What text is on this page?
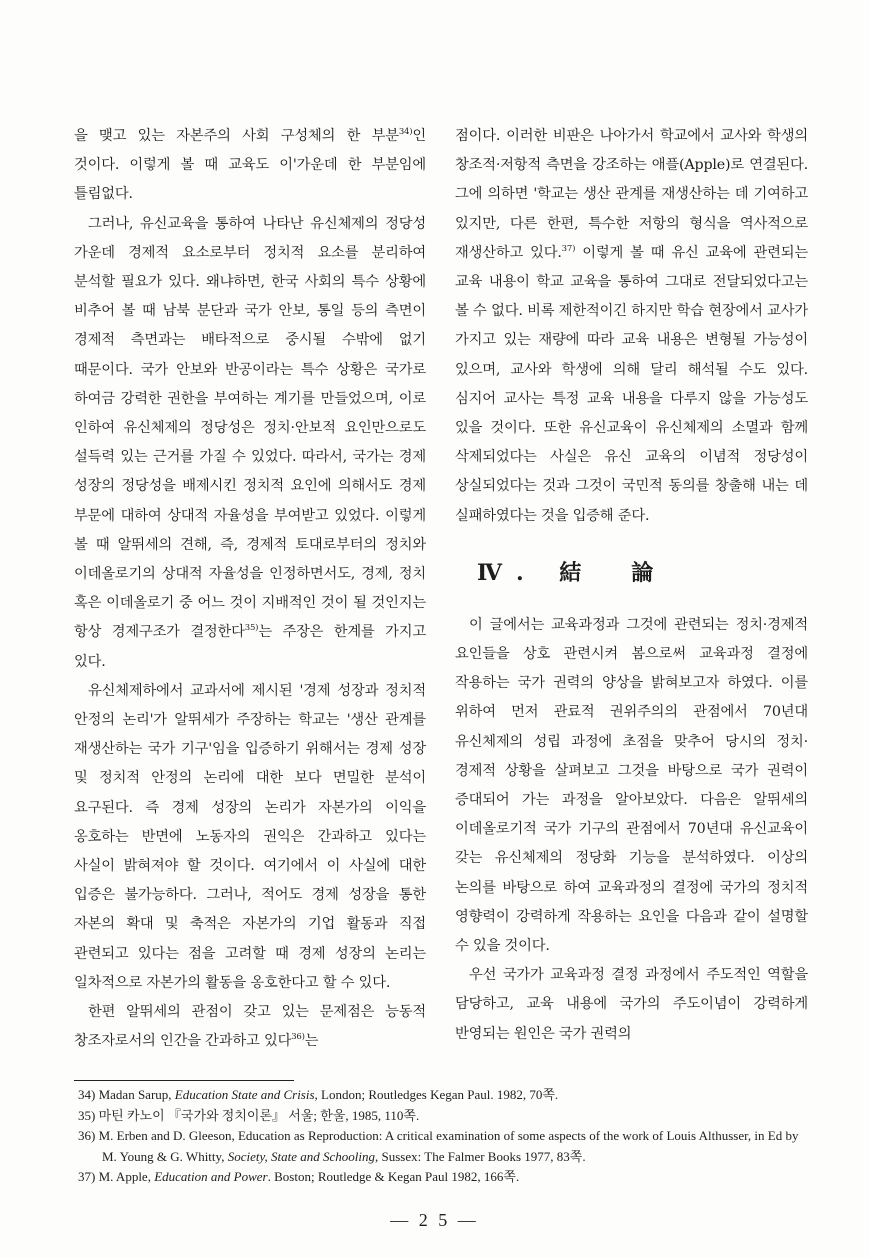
을 맺고 있는 자본주의 사회 구성체의 한 부분$^{34)}$인 것이다. 이렇게 볼 때 교육도 이'가운데 한 부분임에 틀림없다.

그러나, 유신교육을 통하여 나타난 유신체제의 정당성 가운데 경제적 요소로부터 정치적 요소를 분리하여 분석할 필요가 있다. 왜냐하면, 한국 사회의 특수 상황에 비추어 볼 때 남북 분단과 국가 안보, 통일 등의 측면이 경제적 측면과는 배타적으로 중시될 수밖에 없기 때문이다. 국가 안보와 반공이라는 특수 상황은 국가로 하여금 강력한 권한을 부여하는 계기를 만들었으며, 이로 인하여 유신체제의 정당성은 정치·안보적 요인만으로도 설득력 있는 근거를 가질 수 있었다. 따라서, 국가는 경제 성장의 정당성을 배제시킨 정치적 요인에 의해서도 경제 부문에 대하여 상대적 자율성을 부여받고 있었다. 이렇게 볼 때 알뛰세의 견해, 즉, 경제적 토대로부터의 정치와 이데올로기의 상대적 자율성을 인정하면서도, 경제, 정치 혹은 이데올로기 중 어느 것이 지배적인 것이 될 것인지는 항상 경제구조가 결정한다$^{35)}$는 주장은 한계를 가지고 있다.

유신체제하에서 교과서에 제시된 '경제 성장과 정치적 안정의 논리'가 알뛰세가 주장하는 학교는 '생산 관계를 재생산하는 국가 기구'임을 입증하기 위해서는 경제 성장 및 정치적 안정의 논리에 대한 보다 면밀한 분석이 요구된다. 즉 경제 성장의 논리가 자본가의 이익을 옹호하는 반면에 노동자의 권익은 간과하고 있다는 사실이 밝혀져야 할 것이다. 여기에서 이 사실에 대한 입증은 불가능하다. 그러나, 적어도 경제 성장을 통한 자본의 확대 및 축적은 자본가의 기업 활동과 직접 관련되고 있다는 점을 고려할 때 경제 성장의 논리는 일차적으로 자본가의 활동을 옹호한다고 할 수 있다.

한편 알뛰세의 관점이 갖고 있는 문제점은 능동적 창조자로서의 인간을 간과하고 있다$^{36)}$는

점이다. 이러한 비판은 나아가서 학교에서 교사와 학생의 창조적·저항적 측면을 강조하는 애플(Apple)로 연결된다. 그에 의하면 '학교는 생산 관계를 재생산하는 데 기여하고 있지만, 다른 한편, 특수한 저항의 형식을 역사적으로 재생산하고 있다.$^{37)}$ 이렇게 볼 때 유신 교육에 관련되는 교육 내용이 학교 교육을 통하여 그대로 전달되었다고는 볼 수 없다. 비록 제한적이긴 하지만 학습 현장에서 교사가 가지고 있는 재량에 따라 교육 내용은 변형될 가능성이 있으며, 교사와 학생에 의해 달리 해석될 수도 있다. 심지어 교사는 특정 교육 내용을 다루지 않을 가능성도 있을 것이다. 또한 유신교육이 유신체제의 소멸과 함께 삭제되었다는 사실은 유신 교육의 이념적 정당성이 상실되었다는 것과 그것이 국민적 동의를 창출해 내는 데 실패하였다는 것을 입증해 준다.

Ⅳ. 結　論

이 글에서는 교육과정과 그것에 관련되는 정치·경제적 요인들을 상호 관련시켜 봄으로써 교육과정 결정에 작용하는 국가 권력의 양상을 밝혀보고자 하였다. 이를 위하여 먼저 관료적 권위주의의 관점에서 70년대 유신체제의 성립 과정에 초점을 맞추어 당시의 정치·경제적 상황을 살펴보고 그것을 바탕으로 국가 권력이 증대되어 가는 과정을 알아보았다. 다음은 알뛰세의 이데올로기적 국가 기구의 관점에서 70년대 유신교육이 갖는 유신체제의 정당화 기능을 분석하였다. 이상의 논의를 바탕으로 하여 교육과정의 결정에 국가의 정치적 영향력이 강력하게 작용하는 요인을 다음과 같이 설명할 수 있을 것이다.

우선 국가가 교육과정 결정 과정에서 주도적인 역할을 담당하고, 교육 내용에 국가의 주도이념이 강력하게 반영되는 원인은 국가 권력의

34) Madan Sarup, Education State and Crisis, London; Routledges Kegan Paul. 1982, 70쪽.
35) 마틴 카노이 『국가와 정치이론』 서울; 한울, 1985, 110쪽.
36) M. Erben and D. Gleeson, Education as Reproduction: A critical examination of some aspects of the work of Louis Althusser, in Ed by M. Young & G. Whitty, Society, State and Schooling, Sussex: The Falmer Books 1977, 83쪽.
37) M. Apple, Education and Power. Boston; Routledge & Kegan Paul 1982, 166쪽.
— 2 5 —
